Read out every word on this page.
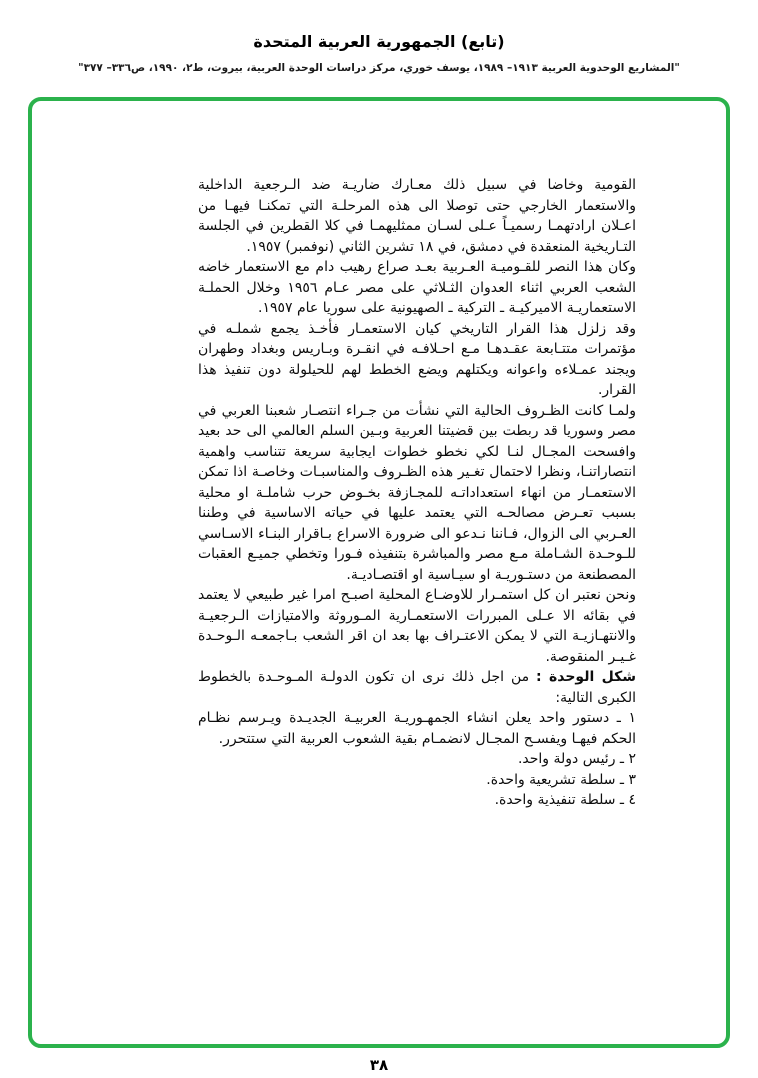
(تابع) الجمهورية العربية المتحدة
"المشاريع الوحدوية العربية ١٩١٣– ١٩٨٩، يوسف خوري، مركز دراسات الوحدة العربية، بيروت، ط٢، ١٩٩٠، ص٣٣٦– ٣٧٧"

القومية وخاضا في سبيل ذلك معـارك ضاريـة ضد الـرجعية الداخلية والاستعمار الخارجي حتى توصلا الى هذه المرحلـة التي تمكنـا فيهـا من اعـلان ارادتهمـا رسميـاً عـلى لسـان ممثليهمـا في كلا القطرين في الجلسة التـاريخية المنعقدة في دمشق، في ١٨ تشرين الثاني (نوفمبر) ١٩٥٧.

وكان هذا النصر للقـوميـة العـربية بعـد صراع رهيب دام مع الاستعمار خاضه الشعب العربي اثناء العدوان الثـلاثي على مصر عـام ١٩٥٦ وخلال الحملـة الاستعماريـة الاميركيـة ـ التركية ـ الصهيونية على سوريا عام ١٩٥٧.

وقد زلزل هذا القرار التاريخي كيان الاستعمـار فأخـذ يجمع شملـه في مؤتمرات متتـابعة عقـدهـا مـع احـلافـه في انقـرة وبـاريس وبغداد وطهران ويجند عمـلاءه واعوانه ويكتلهم ويضع الخطط لهم للحيلولة دون تنفيذ هذا القرار.

ولمـا كانت الظـروف الحالية التي نشأت من جـراء انتصـار شعبنا العربي في مصر وسوريا قد ربطت بين قضيتنا العربية وبـين السلم العالمي الى حد بعيد وافسحت المجـال لنـا لكي نخطو خطوات ايجابية سريعة تتناسب واهمية انتصاراتنـا، ونظرا لاحتمال تغـير هذه الظـروف والمناسبـات وخاصـة اذا تمكن الاستعمـار من انهاء استعداداتـه للمجـازفة بخـوض حرب شاملـة او محلية بسبب تعـرض مصالحـه التي يعتمد عليها في حياته الاساسية في وطننا العـربي الى الزوال، فـاننا نـدعو الى ضرورة الاسراع بـاقرار البنـاء الاسـاسي للـوحـدة الشـاملة مـع مصر والمباشرة بتنفيذه فـورا وتخطي جميـع العقبات المصطنعة من دستـوريـة او سيـاسية او اقتصـاديـة.

ونحن نعتبر ان كل استمـرار للاوضـاع المحلية اصبـح امرا غير طبيعي لا يعتمد في بقائه الا عـلى المبررات الاستعمـارية المـوروثة والامتيازات الـرجعيـة والانتهـازيـة التي لا يمكن الاعتـراف بها بعد ان اقر الشعب بـاجمعـه الـوحـدة غـيـر المنقوصة.

شكل الوحدة : من اجل ذلك نرى ان تكون الدولـة المـوحـدة بالخطوط الكبرى التالية:

١ ـ دستور واحد يعلن انشاء الجمهـوريـة العربيـة الجديـدة ويـرسم نظـام الحكم فيهـا ويفسـح المجـال لانضمـام بقية الشعوب العربية التي ستتحرر.

٢ ـ رئيس دولة واحد.

٣ ـ سلطة تشريعية واحدة.

٤ ـ سلطة تنفيذية واحدة.

٣٨
